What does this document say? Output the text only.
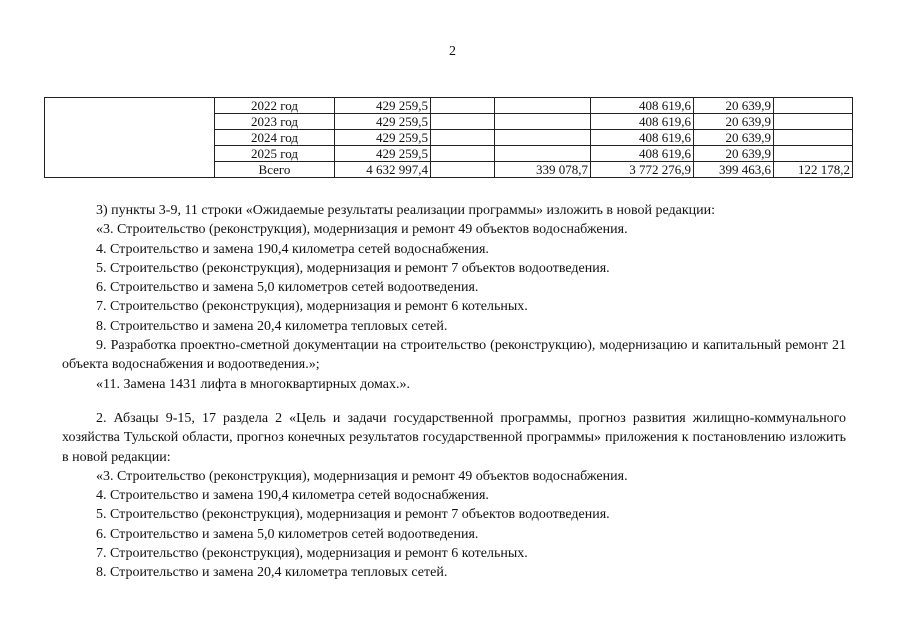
2
	2022 год	429 259,5			408 619,6	20 639,9	
	2023 год	429 259,5			408 619,6	20 639,9	
	2024 год	429 259,5			408 619,6	20 639,9	
	2025 год	429 259,5			408 619,6	20 639,9	
	Всего	4 632 997,4		339 078,7	3 772 276,9	399 463,6	122 178,2

3) пункты 3-9, 11 строки «Ожидаемые результаты реализации программы» изложить в новой редакции:

«3. Строительство (реконструкция), модернизация и ремонт 49 объектов водоснабжения.

4. Строительство и замена 190,4 километра сетей водоснабжения.

5. Строительство (реконструкция), модернизация и ремонт 7 объектов водоотведения.

6. Строительство и замена 5,0 километров сетей водоотведения.

7. Строительство (реконструкция), модернизация и ремонт 6 котельных.

8. Строительство и замена 20,4 километра тепловых сетей.

9. Разработка проектно-сметной документации на строительство (реконструкцию), модернизацию и капитальный ремонт 21 объекта водоснабжения и водоотведения.»;

«11. Замена 1431 лифта в многоквартирных домах.».

2. Абзацы 9-15, 17 раздела 2 «Цель и задачи государственной программы, прогноз развития жилищно-коммунального хозяйства Тульской области, прогноз конечных результатов государственной программы» приложения к постановлению изложить в новой редакции:

«3. Строительство (реконструкция), модернизация и ремонт 49 объектов водоснабжения.

4. Строительство и замена 190,4 километра сетей водоснабжения.

5. Строительство (реконструкция), модернизация и ремонт 7 объектов водоотведения.

6. Строительство и замена 5,0 километров сетей водоотведения.

7. Строительство (реконструкция), модернизация и ремонт 6 котельных.

8. Строительство и замена 20,4 километра тепловых сетей.
